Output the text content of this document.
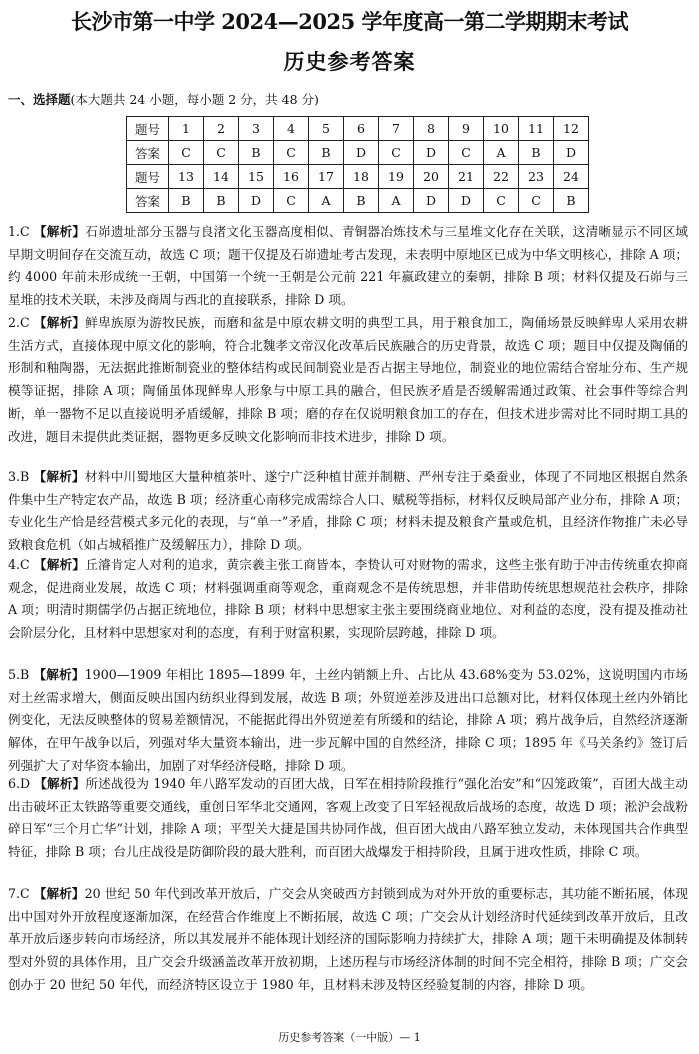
长沙市第一中学 2024—2025 学年度高一第二学期期末考试
历史参考答案
一、选择题(本大题共 24 小题，每小题 2 分，共 48 分)
题号	1	2	3	4	5	6	7	8	9	10	11	12
答案	C	C	B	C	B	D	C	D	C	A	B	D
题号	13	14	15	16	17	18	19	20	21	22	23	24
答案	B	B	D	C	A	B	A	D	D	C	C	B
1.C 【解析】石峁遗址部分玉器与良渚文化玉器高度相似、青铜器冶炼技术与三星堆文化存在关联，这清晰显示不同区域早期文明间存在交流互动，故选 C 项；题干仅提及石峁遗址考古发现，未表明中原地区已成为中华文明核心，排除 A 项；约 4000 年前未形成统一王朝，中国第一个统一王朝是公元前 221 年嬴政建立的秦朝，排除 B 项；材料仅提及石峁与三星堆的技术关联，未涉及商周与西北的直接联系，排除 D 项。
2.C 【解析】鲜卑族原为游牧民族，而磨和盆是中原农耕文明的典型工具，用于粮食加工，陶俑场景反映鲜卑人采用农耕生活方式，直接体现中原文化的影响，符合北魏孝文帝汉化改革后民族融合的历史背景，故选 C 项；题目中仅提及陶俑的形制和釉陶器，无法据此推断制瓷业的整体结构或民间制瓷业是否占据主导地位，制瓷业的地位需结合窑址分布、生产规模等证据，排除 A 项；陶俑虽体现鲜卑人形象与中原工具的融合，但民族矛盾是否缓解需通过政策、社会事件等综合判断，单一器物不足以直接说明矛盾缓解，排除 B 项；磨的存在仅说明粮食加工的存在，但技术进步需对比不同时期工具的改进，题目未提供此类证据，器物更多反映文化影响而非技术进步，排除 D 项。
3.B 【解析】材料中川蜀地区大量种植茶叶、遂宁广泛种植甘蔗并制糖、严州专注于桑蚕业，体现了不同地区根据自然条件集中生产特定农产品，故选 B 项；经济重心南移完成需综合人口、赋税等指标，材料仅反映局部产业分布，排除 A 项；专业化生产恰是经营模式多元化的表现，与“单一”矛盾，排除 C 项；材料未提及粮食产量或危机，且经济作物推广未必导致粮食危机（如占城稻推广及缓解压力），排除 D 项。
4.C 【解析】丘濬肯定人对利的追求，黄宗羲主张工商皆本，李贽认可对财物的需求，这些主张有助于冲击传统重农抑商观念，促进商业发展，故选 C 项；材料强调重商等观念，重商观念不是传统思想，并非借助传统思想规范社会秩序，排除 A 项；明清时期儒学仍占据正统地位，排除 B 项；材料中思想家主张主要围绕商业地位、对利益的态度，没有提及推动社会阶层分化，且材料中思想家对利的态度，有利于财富积累，实现阶层跨越，排除 D 项。
5.B 【解析】1900—1909 年相比 1895—1899 年，土丝内销额上升、占比从 43.68%变为 53.02%，这说明国内市场对土丝需求增大，侧面反映出国内纺织业得到发展，故选 B 项；外贸逆差涉及进出口总额对比，材料仅体现土丝内外销比例变化，无法反映整体的贸易差额情况，不能据此得出外贸逆差有所缓和的结论，排除 A 项；鸦片战争后，自然经济逐渐解体，在甲午战争以后，列强对华大量资本输出，进一步瓦解中国的自然经济，排除 C 项；1895 年《马关条约》签订后列强扩大了对华资本输出，加剧了对华经济侵略，排除 D 项。
6.D 【解析】所述战役为 1940 年八路军发动的百团大战，日军在相持阶段推行“强化治安”和“囚笼政策”，百团大战主动出击破坏正太铁路等重要交通线，重创日军华北交通网，客观上改变了日军轻视敌后战场的态度，故选 D 项；淞沪会战粉碎日军“三个月亡华”计划，排除 A 项；平型关大捷是国共协同作战，但百团大战由八路军独立发动，未体现国共合作典型特征，排除 B 项；台儿庄战役是防御阶段的最大胜利，而百团大战爆发于相持阶段，且属于进攻性质，排除 C 项。
7.C 【解析】20 世纪 50 年代到改革开放后，广交会从突破西方封锁到成为对外开放的重要标志，其功能不断拓展，体现出中国对外开放程度逐渐加深，在经营合作维度上不断拓展，故选 C 项；广交会从计划经济时代延续到改革开放后，且改革开放后逐步转向市场经济，所以其发展并不能体现计划经济的国际影响力持续扩大，排除 A 项；题干未明确提及体制转型对外贸的具体作用，且广交会升级涵盖改革开放初期，上述历程与市场经济体制的时间不完全相符，排除 B 项；广交会创办于 20 世纪 50 年代，而经济特区设立于 1980 年，且材料未涉及特区经验复制的内容，排除 D 项。
历史参考答案（一中版）— 1
